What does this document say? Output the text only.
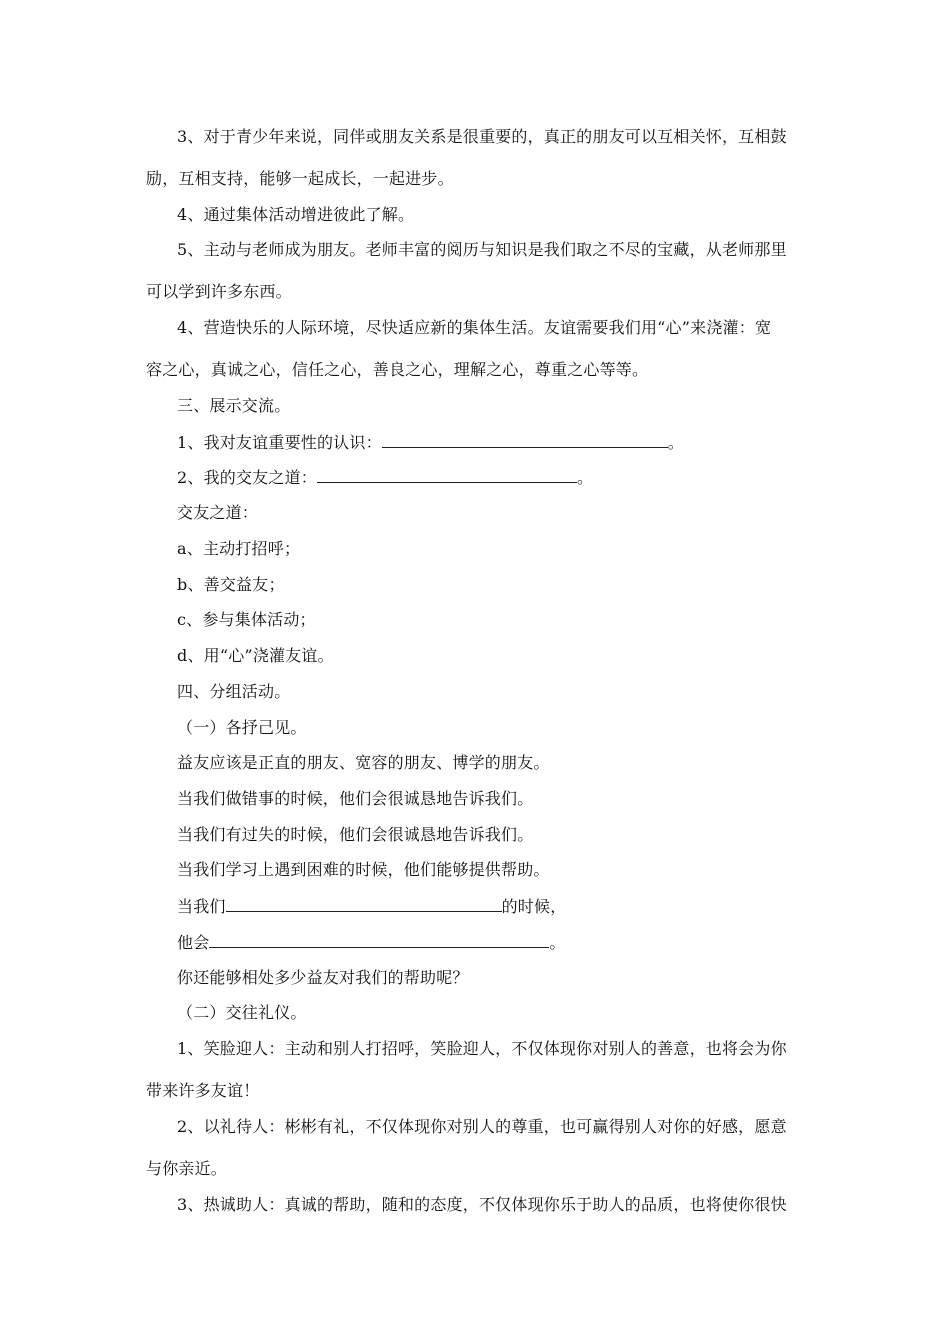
3、对于青少年来说，同伴或朋友关系是很重要的，真正的朋友可以互相关怀，互相鼓
励，互相支持，能够一起成长，一起进步。
4、通过集体活动增进彼此了解。
5、主动与老师成为朋友。老师丰富的阅历与知识是我们取之不尽的宝藏，从老师那里
可以学到许多东西。
4、营造快乐的人际环境，尽快适应新的集体生活。友谊需要我们用“心”来浇灌：宽
容之心，真诚之心，信任之心，善良之心，理解之心，尊重之心等等。
三、展示交流。
1、我对友谊重要性的认识：	。
2、我的交友之道：	。
交友之道：
a、主动打招呼；
b、善交益友；
c、参与集体活动；
d、用“心”浇灌友谊。
四、分组活动。
（一）各抒己见。
益友应该是正直的朋友、宽容的朋友、博学的朋友。
当我们做错事的时候，他们会很诚恳地告诉我们。
当我们有过失的时候，他们会很诚恳地告诉我们。
当我们学习上遇到困难的时候，他们能够提供帮助。
当我们	的时候，
他会	。
你还能够相处多少益友对我们的帮助呢？
（二）交往礼仪。
1、笑脸迎人：主动和别人打招呼，笑脸迎人，不仅体现你对别人的善意，也将会为你
带来许多友谊！
2、以礼待人：彬彬有礼，不仅体现你对别人的尊重，也可赢得别人对你的好感，愿意
与你亲近。
3、热诚助人：真诚的帮助，随和的态度，不仅体现你乐于助人的品质，也将使你很快
